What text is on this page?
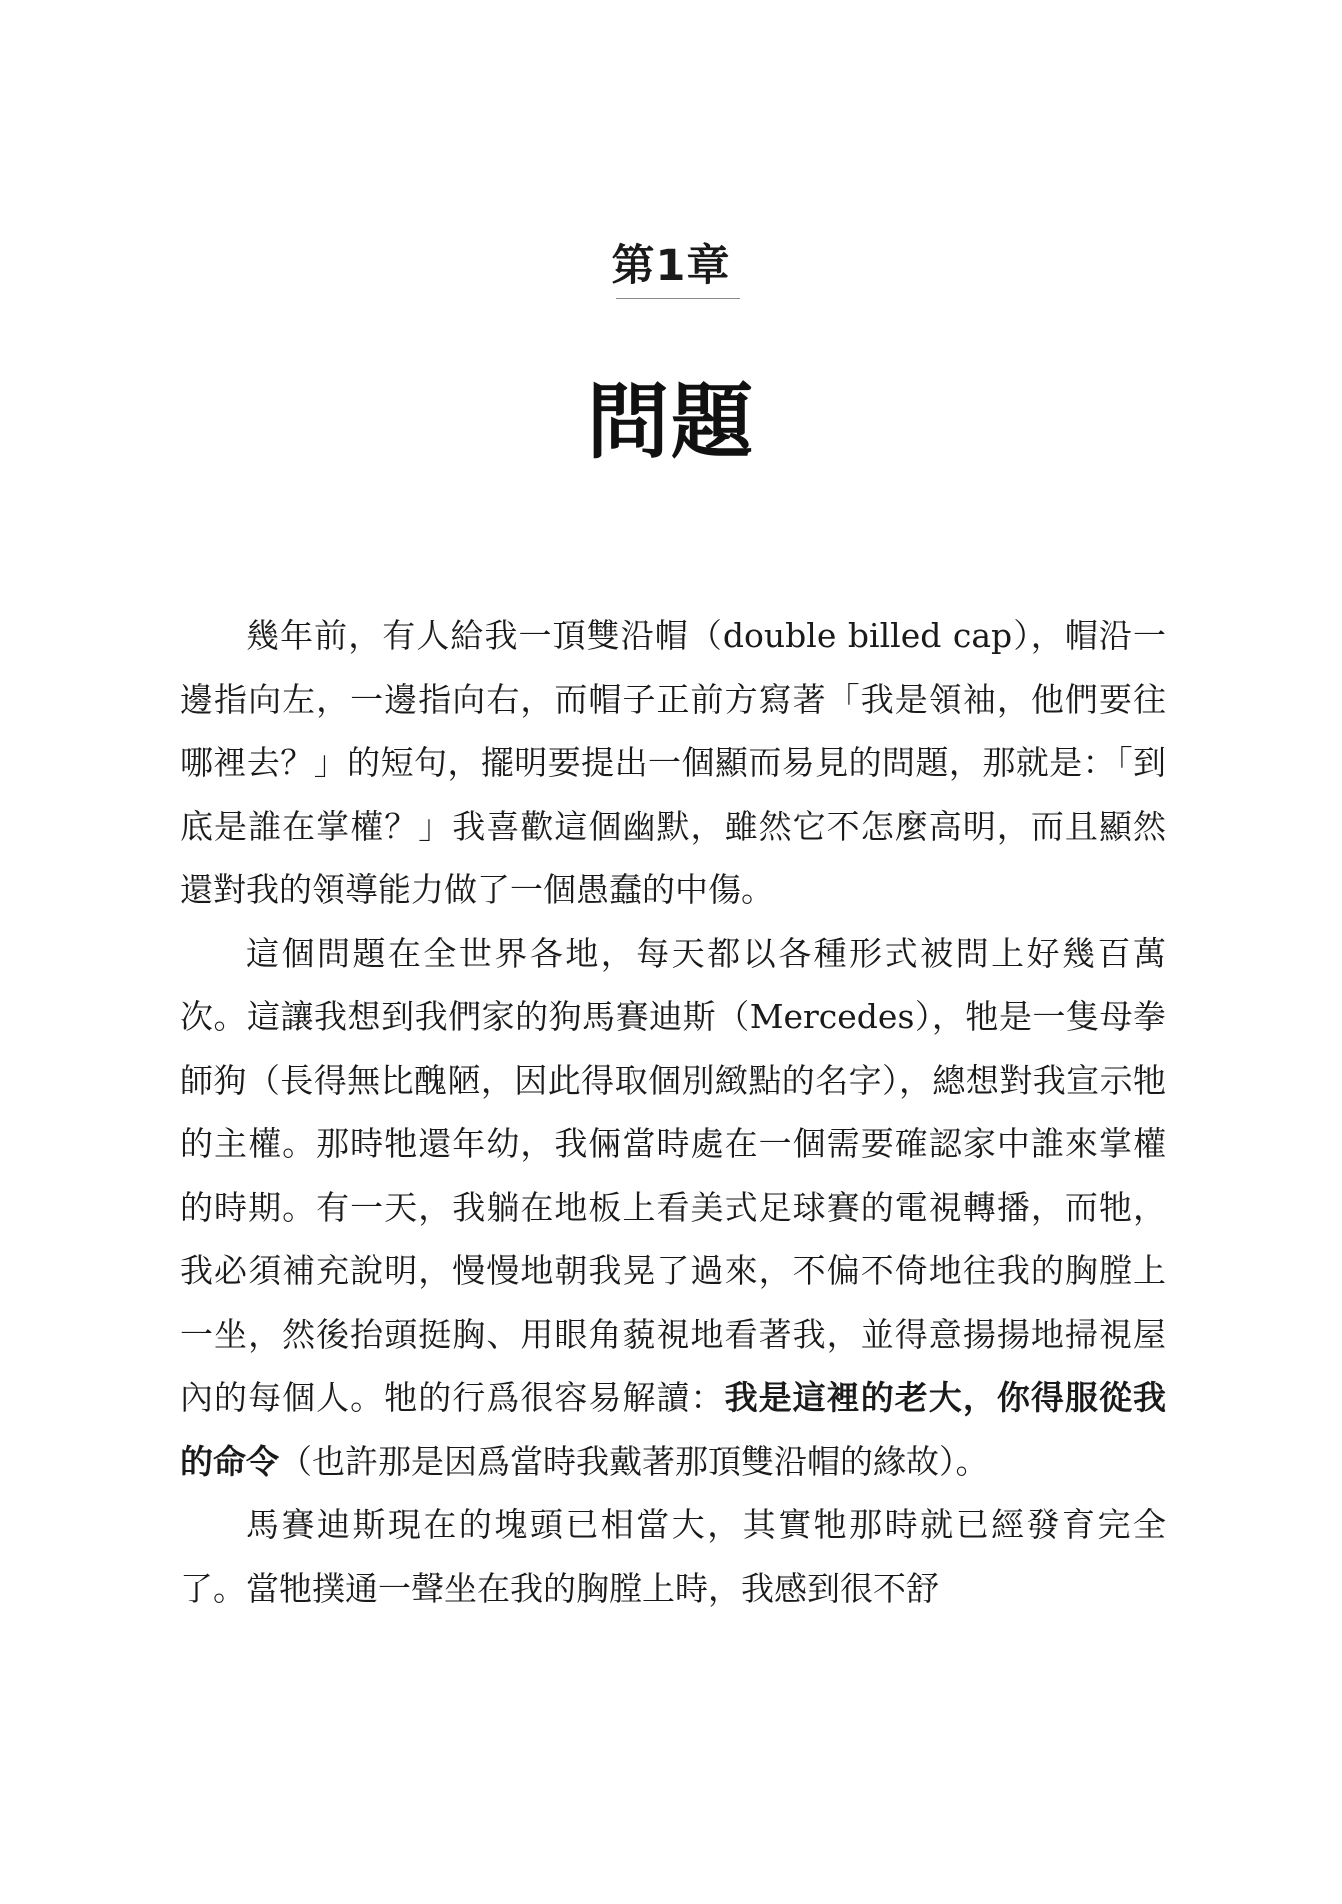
第1章
問題

幾年前，有人給我一頂雙沿帽（double billed cap），帽沿一邊指向左，一邊指向右，而帽子正前方寫著「我是領袖，他們要往哪裡去？」的短句，擺明要提出一個顯而易見的問題，那就是：「到底是誰在掌權？」我喜歡這個幽默，雖然它不怎麼高明，而且顯然還對我的領導能力做了一個愚蠢的中傷。

這個問題在全世界各地，每天都以各種形式被問上好幾百萬次。這讓我想到我們家的狗馬賽迪斯（Mercedes），牠是一隻母拳師狗（長得無比醜陋，因此得取個別緻點的名字），總想對我宣示牠的主權。那時牠還年幼，我倆當時處在一個需要確認家中誰來掌權的時期。有一天，我躺在地板上看美式足球賽的電視轉播，而牠，我必須補充說明，慢慢地朝我晃了過來，不偏不倚地往我的胸膛上一坐，然後抬頭挺胸、用眼角藐視地看著我，並得意揚揚地掃視屋內的每個人。牠的行爲很容易解讀：我是這裡的老大，你得服從我的命令（也許那是因爲當時我戴著那頂雙沿帽的緣故）。

馬賽迪斯現在的塊頭已相當大，其實牠那時就已經發育完全了。當牠撲通一聲坐在我的胸膛上時，我感到很不舒
